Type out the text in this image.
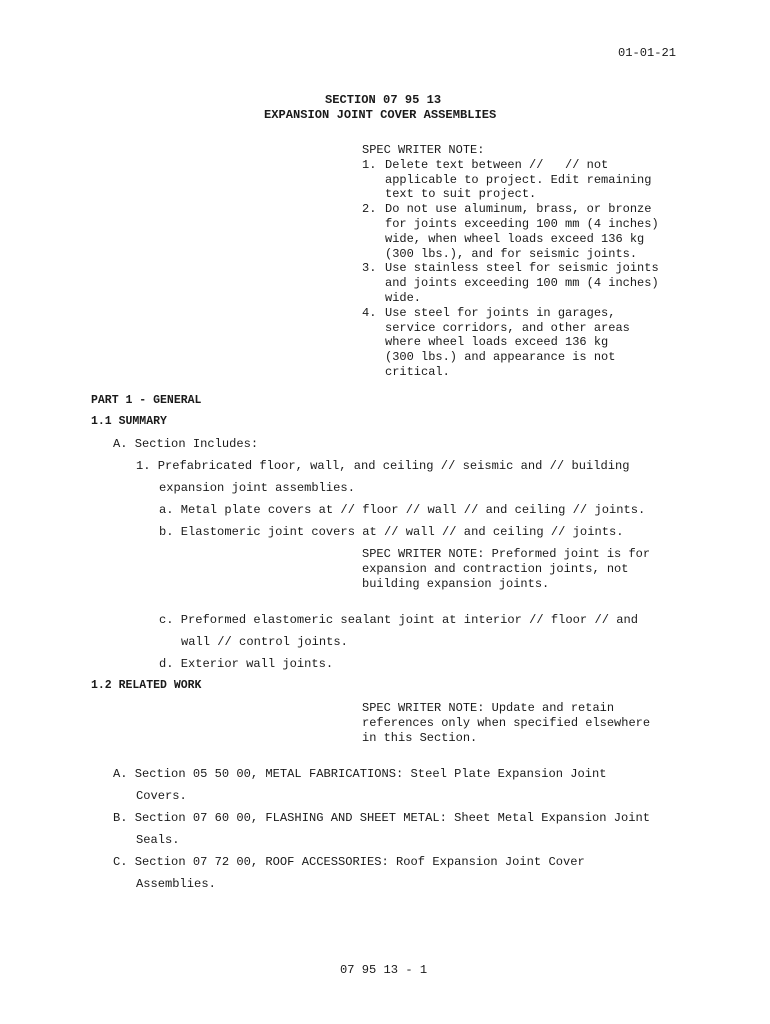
01-01-21
SECTION 07 95 13
EXPANSION JOINT COVER ASSEMBLIES
SPEC WRITER NOTE:
1. Delete text between //   // not
applicable to project. Edit remaining
text to suit project.
2. Do not use aluminum, brass, or bronze
for joints exceeding 100 mm (4 inches)
wide, when wheel loads exceed 136 kg
(300 lbs.), and for seismic joints.
3. Use stainless steel for seismic joints
and joints exceeding 100 mm (4 inches)
wide.
4. Use steel for joints in garages,
service corridors, and other areas
where wheel loads exceed 136 kg
(300 lbs.) and appearance is not
critical.
PART 1 - GENERAL
1.1 SUMMARY
A. Section Includes:
1. Prefabricated floor, wall, and ceiling // seismic and // building
expansion joint assemblies.
a. Metal plate covers at // floor // wall // and ceiling // joints.
b. Elastomeric joint covers at // wall // and ceiling // joints.
SPEC WRITER NOTE: Preformed joint is for
expansion and contraction joints, not
building expansion joints.
c. Preformed elastomeric sealant joint at interior // floor // and
wall // control joints.
d. Exterior wall joints.
1.2 RELATED WORK
SPEC WRITER NOTE: Update and retain
references only when specified elsewhere
in this Section.
A. Section 05 50 00, METAL FABRICATIONS: Steel Plate Expansion Joint
Covers.
B. Section 07 60 00, FLASHING AND SHEET METAL: Sheet Metal Expansion Joint
Seals.
C. Section 07 72 00, ROOF ACCESSORIES: Roof Expansion Joint Cover
Assemblies.
07 95 13 - 1
